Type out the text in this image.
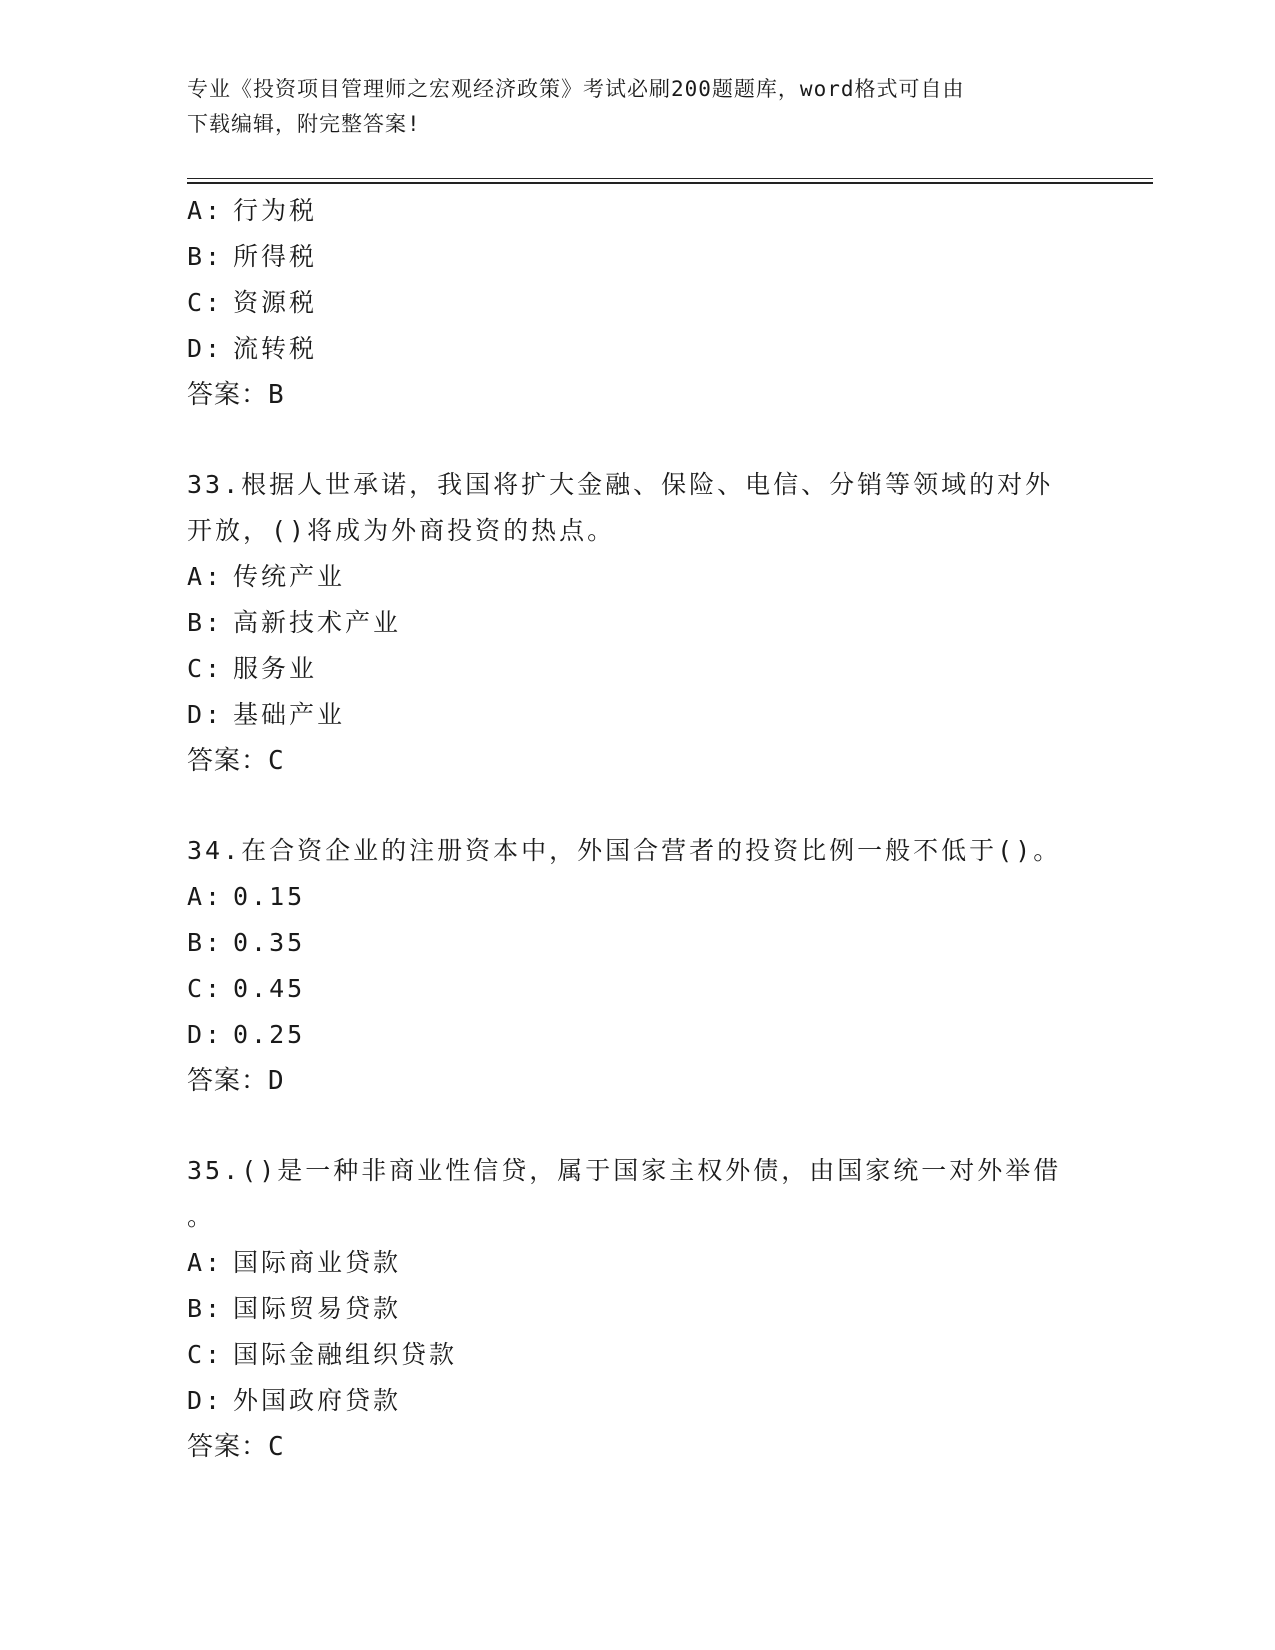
专业《投资项目管理师之宏观经济政策》考试必刷200题题库，word格式可自由
下载编辑，附完整答案!
A: 行为税
B: 所得税
C: 资源税
D: 流转税
答案：B
33.根据人世承诺，我国将扩大金融、保险、电信、分销等领域的对外
开放，()将成为外商投资的热点。
A: 传统产业
B: 高新技术产业
C: 服务业
D: 基础产业
答案：C
34.在合资企业的注册资本中，外国合营者的投资比例一般不低于()。
A: 0.15
B: 0.35
C: 0.45
D: 0.25
答案：D
35.()是一种非商业性信贷，属于国家主权外债，由国家统一对外举借
。
A: 国际商业贷款
B: 国际贸易贷款
C: 国际金融组织贷款
D: 外国政府贷款
答案：C
